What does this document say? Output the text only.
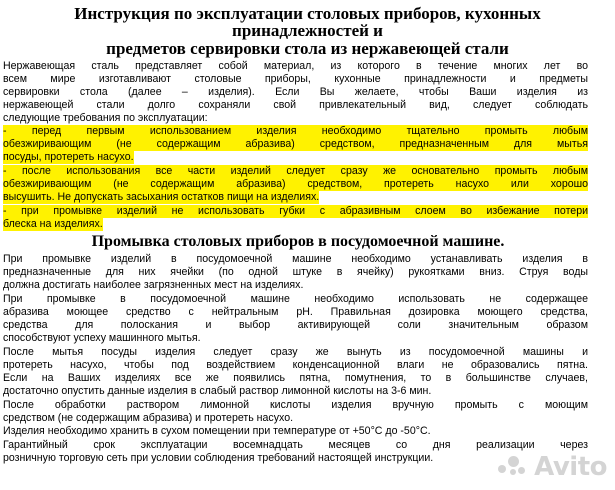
Инструкция по эксплуатации столовых приборов, кухонных

принадлежностей и

предметов сервировки стола из нержавеющей стали

Нержавеющая сталь представляет собой материал, из которого в течение многих лет во

всем мире изготавливают столовые приборы, кухонные принадлежности и предметы

сервировки стола (далее – изделия). Если Вы желаете, чтобы Ваши изделия из

нержавеющей стали долго сохраняли свой привлекательный вид, следует соблюдать

следующие требования по эксплуатации:

- перед первым использованием изделия необходимо тщательно промыть любым

обезжиривающим (не содержащим абразива) средством, предназначенным для мытья

посуды, протереть насухо.

- после использования все части изделий следует сразу же основательно промыть любым

обезжиривающим (не содержащим абразива) средством, протереть насухо или хорошо

высушить. Не допускать засыхания остатков пищи на изделиях.

- при промывке изделий не использовать губки с абразивным слоем во избежание потери

блеска на изделиях.

Промывка столовых приборов в посудомоечной машине.

При промывке изделий в посудомоечной машине необходимо устанавливать изделия в

предназначенные для них ячейки (по одной штуке в ячейку) рукоятками вниз. Струя воды

должна достигать наиболее загрязненных мест на изделиях.

При промывке в посудомоечной машине необходимо использовать не содержащее

абразива моющее средство с нейтральным рН. Правильная дозировка моющего средства,

средства для полоскания и выбор активирующей соли значительным образом

способствуют успеху машинного мытья.

После мытья посуды изделия следует сразу же вынуть из посудомоечной машины и

протереть насухо, чтобы под воздействием конденсационной влаги не образовались пятна.

Если на Ваших изделиях все же появились пятна, помутнения, то в большинстве случаев,

достаточно опустить данные изделия в слабый раствор лимонной кислоты на 3-6 мин.

После обработки раствором лимонной кислоты изделия вручную промыть с моющим

средством (не содержащим абразива) и протереть насухо.

Изделия необходимо хранить в сухом помещении при температуре от +50°С до -50°С.

Гарантийный срок эксплуатации восемнадцать месяцев со дня реализации через

розничную торговую сеть при условии соблюдения требований настоящей инструкции.	Avito
